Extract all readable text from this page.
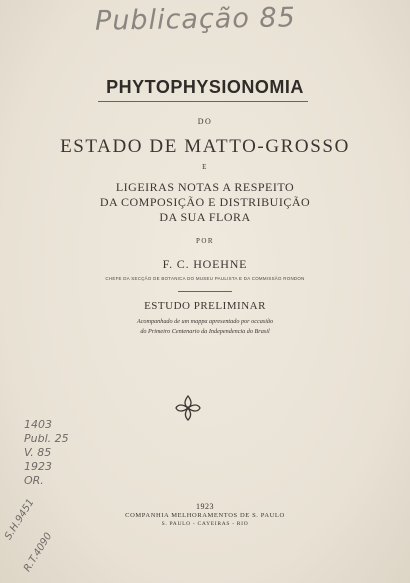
Publicação 85
1403
Publ. 25
V. 85
1923
OR.
S.H.9451
R.T.4090
PHYTOPHYSIONOMIA
DO
ESTADO DE MATTO-GROSSO
E
LIGEIRAS NOTAS A RESPEITO
DA COMPOSIÇÃO E DISTRIBUIÇÃO
DA SUA FLORA
POR
F. C. HOEHNE
CHEFE DA SECÇÃO DE BOTANICA DO MUSEU PAULISTA E DA COMMISSÃO RONDON
ESTUDO PRELIMINAR
Acompanhado de um mappa apresentado por occasião
do Primeiro Centenario da Independencia do Brasil
1923
COMPANHIA MELHORAMENTOS DE S. PAULO
S. PAULO - CAYEIRAS - RIO
